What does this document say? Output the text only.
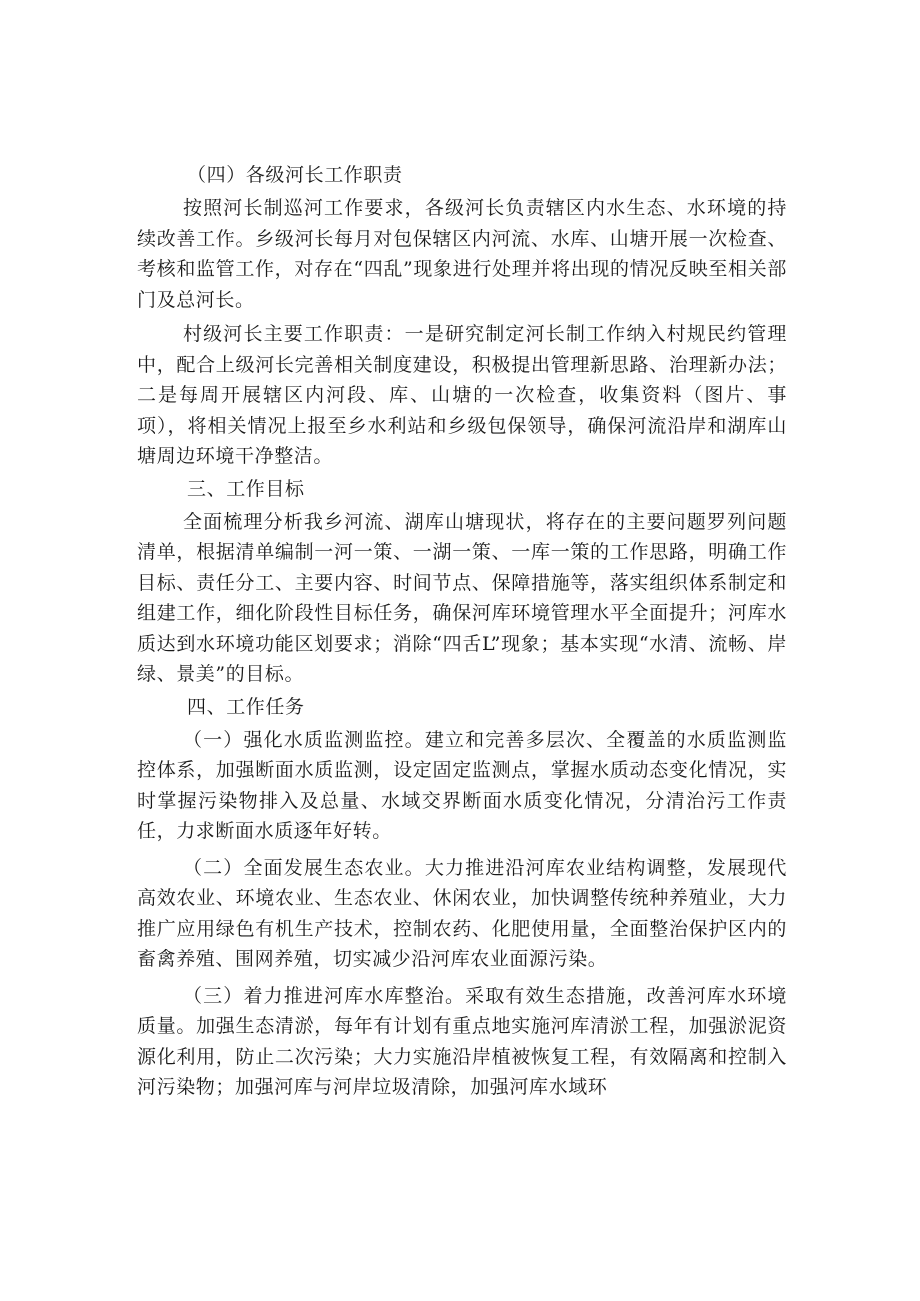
（四）各级河长工作职责

按照河长制巡河工作要求，各级河长负责辖区内水生态、水环境的持续改善工作。乡级河长每月对包保辖区内河流、水库、山塘开展一次检查、考核和监管工作，对存在“四乱”现象进行处理并将出现的情况反映至相关部门及总河长。

村级河长主要工作职责：一是研究制定河长制工作纳入村规民约管理中，配合上级河长完善相关制度建设，积极提出管理新思路、治理新办法；二是每周开展辖区内河段、库、山塘的一次检查，收集资料（图片、事项），将相关情况上报至乡水利站和乡级包保领导，确保河流沿岸和湖库山塘周边环境干净整洁。

三、工作目标

全面梳理分析我乡河流、湖库山塘现状，将存在的主要问题罗列问题清单，根据清单编制一河一策、一湖一策、一库一策的工作思路，明确工作目标、责任分工、主要内容、时间节点、保障措施等，落实组织体系制定和组建工作，细化阶段性目标任务，确保河库环境管理水平全面提升；河库水质达到水环境功能区划要求；消除“四舌L”现象；基本实现“水清、流畅、岸绿、景美”的目标。

四、工作任务

（一）强化水质监测监控。建立和完善多层次、全覆盖的水质监测监控体系，加强断面水质监测，设定固定监测点，掌握水质动态变化情况，实时掌握污染物排入及总量、水域交界断面水质变化情况，分清治污工作责任，力求断面水质逐年好转。

（二）全面发展生态农业。大力推进沿河库农业结构调整，发展现代高效农业、环境农业、生态农业、休闲农业，加快调整传统种养殖业，大力推广应用绿色有机生产技术，控制农药、化肥使用量，全面整治保护区内的畜禽养殖、围网养殖，切实减少沿河库农业面源污染。

（三）着力推进河库水库整治。采取有效生态措施，改善河库水环境质量。加强生态清淤，每年有计划有重点地实施河库清淤工程，加强淤泥资源化利用，防止二次污染；大力实施沿岸植被恢复工程，有效隔离和控制入河污染物；加强河库与河岸垃圾清除，加强河库水域环
